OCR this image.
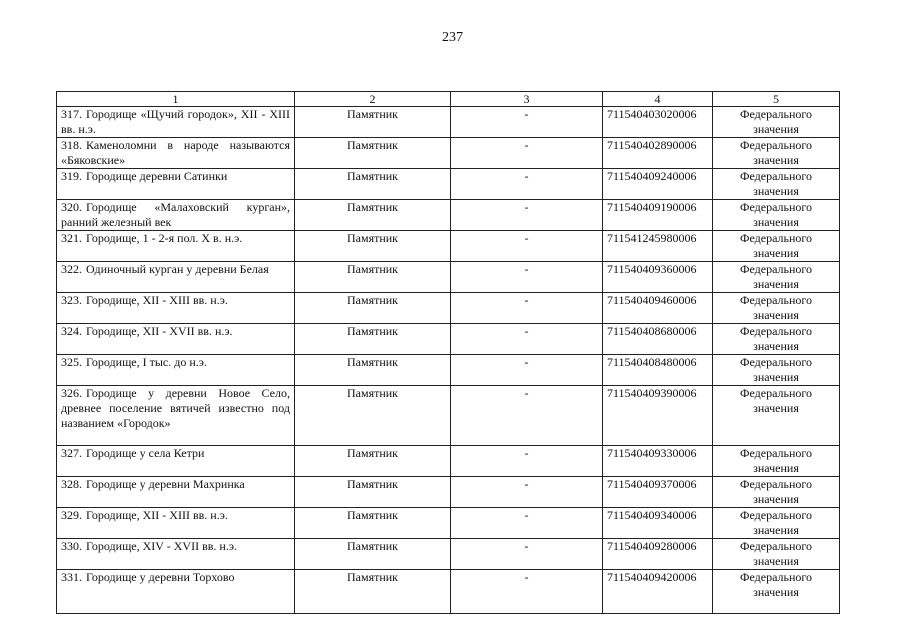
237
1	2	3	4	5
317. Городище «Щучий городок», XII - XIII вв. н.э.	Памятник	-	711540403020006	Федерального значения
318. Каменоломни в народе называются «Бяковские»	Памятник	-	711540402890006	Федерального значения
319. Городище деревни Сатинки	Памятник	-	711540409240006	Федерального значения
320. Городище «Малаховский курган», ранний железный век	Памятник	-	711540409190006	Федерального значения
321. Городище, 1 - 2-я пол. X в. н.э.	Памятник	-	711541245980006	Федерального значения
322. Одиночный курган у деревни Белая	Памятник	-	711540409360006	Федерального значения
323. Городище, XII - XIII вв. н.э.	Памятник	-	711540409460006	Федерального значения
324. Городище, XII - XVII вв. н.э.	Памятник	-	711540408680006	Федерального значения
325. Городище, I тыс. до н.э.	Памятник	-	711540408480006	Федерального значения
326. Городище у деревни Новое Село, древнее поселение вятичей известно под названием «Городок»	Памятник	-	711540409390006	Федерального значения
327. Городище у села Кетри	Памятник	-	711540409330006	Федерального значения
328. Городище у деревни Махринка	Памятник	-	711540409370006	Федерального значения
329. Городище, XII - XIII вв. н.э.	Памятник	-	711540409340006	Федерального значения
330. Городище, XIV - XVII вв. н.э.	Памятник	-	711540409280006	Федерального значения
331. Городище у деревни Торхово	Памятник	-	711540409420006	Федерального значения
